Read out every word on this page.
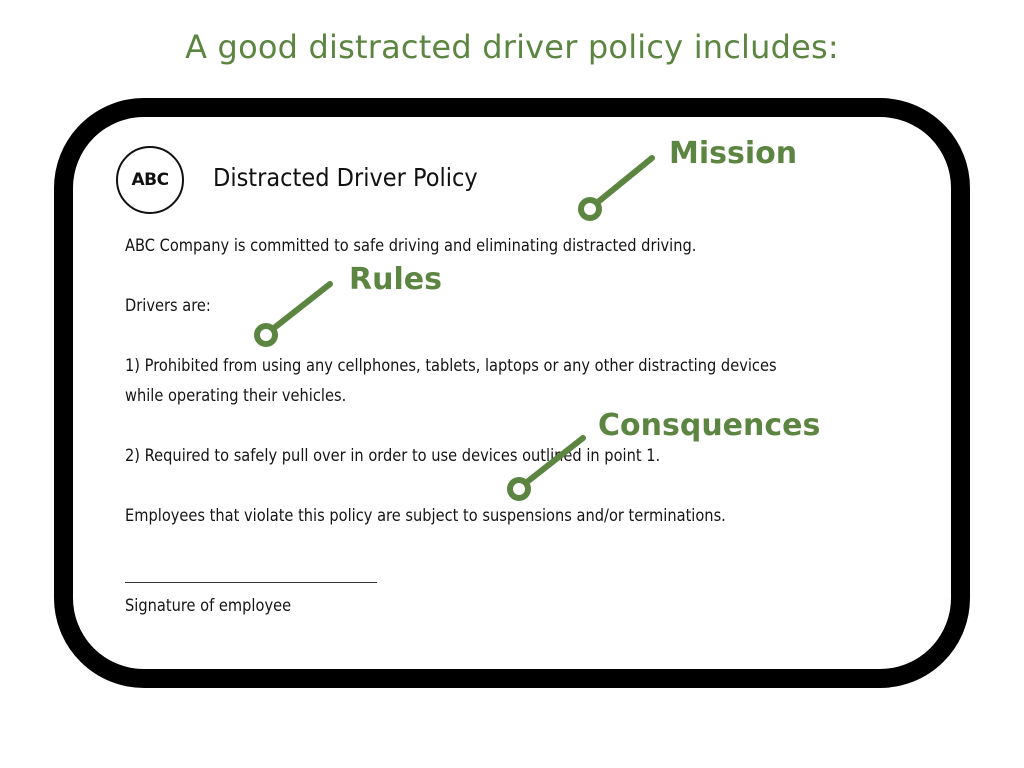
A good distracted driver policy includes:
ABC	Distracted Driver Policy
ABC Company is committed to safe driving and eliminating distracted driving.
Drivers are:
1) Prohibited from using any cellphones, tablets, laptops or any other distracting devices
while operating their vehicles.
2) Required to safely pull over in order to use devices outlined in point 1.
Employees that violate this policy are subject to suspensions and/or terminations.
Signature of employee
Mission
Rules
Consquences
